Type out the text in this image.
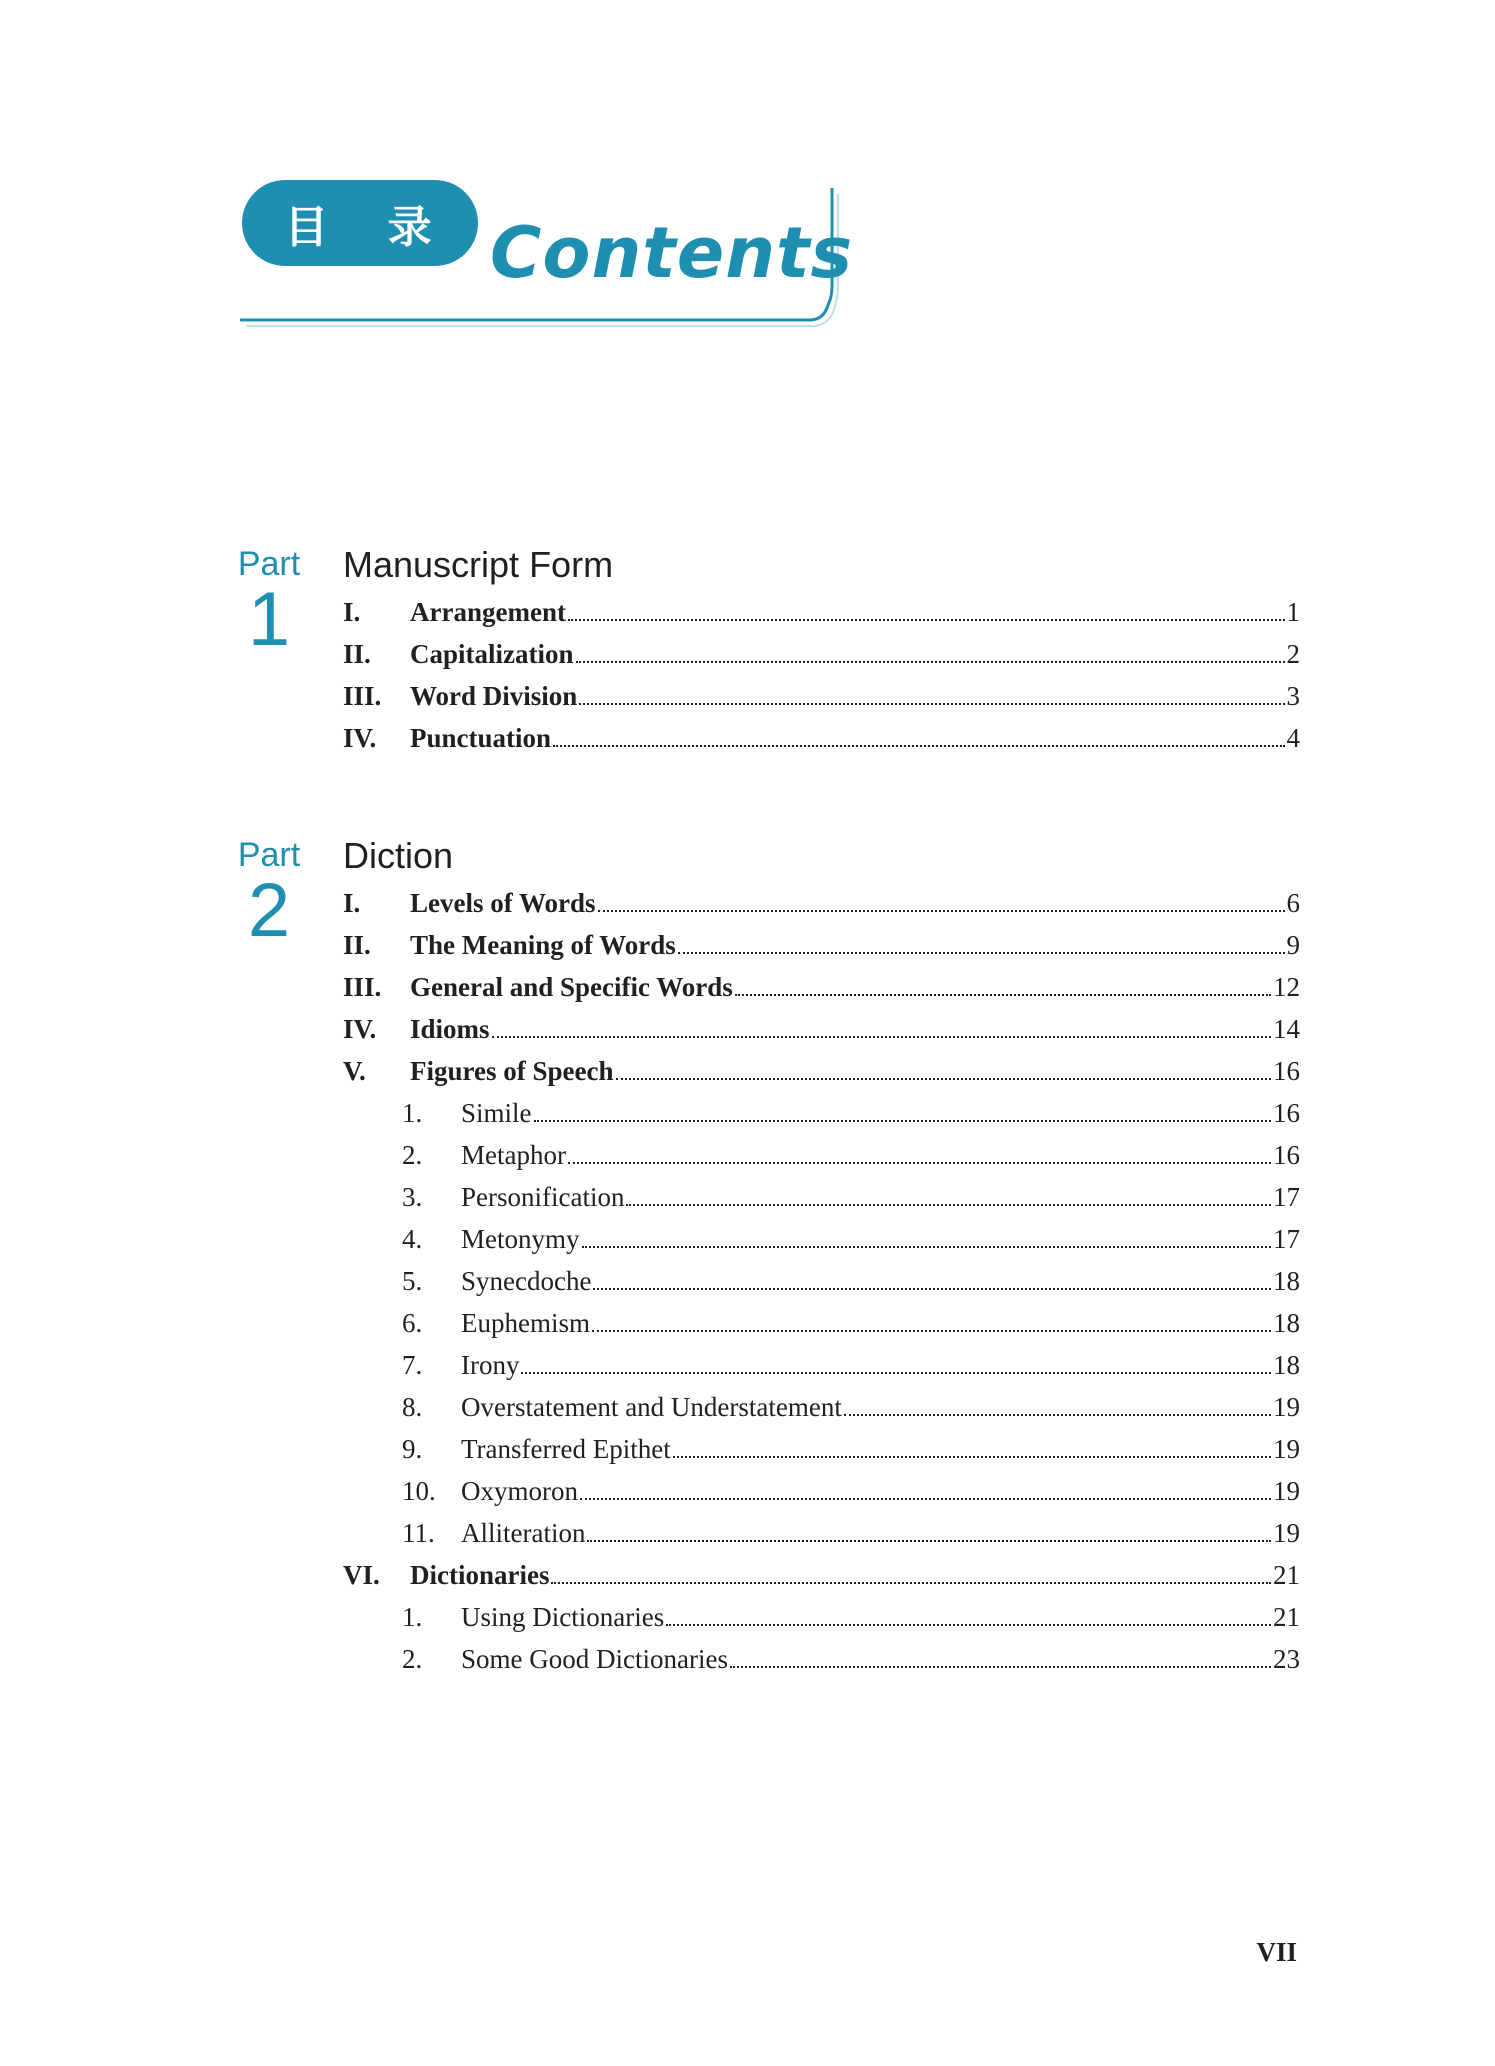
目 录 Contents
Part
1
Manuscript Form
I.	Arrangement	1
II.	Capitalization	2
III.	Word Division	3
IV.	Punctuation	4
Part
2
Diction
I.	Levels of Words	6
II.	The Meaning of Words	9
III.	General and Specific Words	12
IV.	Idioms	14
V.	Figures of Speech	16
1.	Simile	16
2.	Metaphor	16
3.	Personification	17
4.	Metonymy	17
5.	Synecdoche	18
6.	Euphemism	18
7.	Irony	18
8.	Overstatement and Understatement	19
9.	Transferred Epithet	19
10. Oxymoron	19
11. Alliteration	19
VI.	Dictionaries	21
1.	Using Dictionaries	21
2.	Some Good Dictionaries	23
VII
